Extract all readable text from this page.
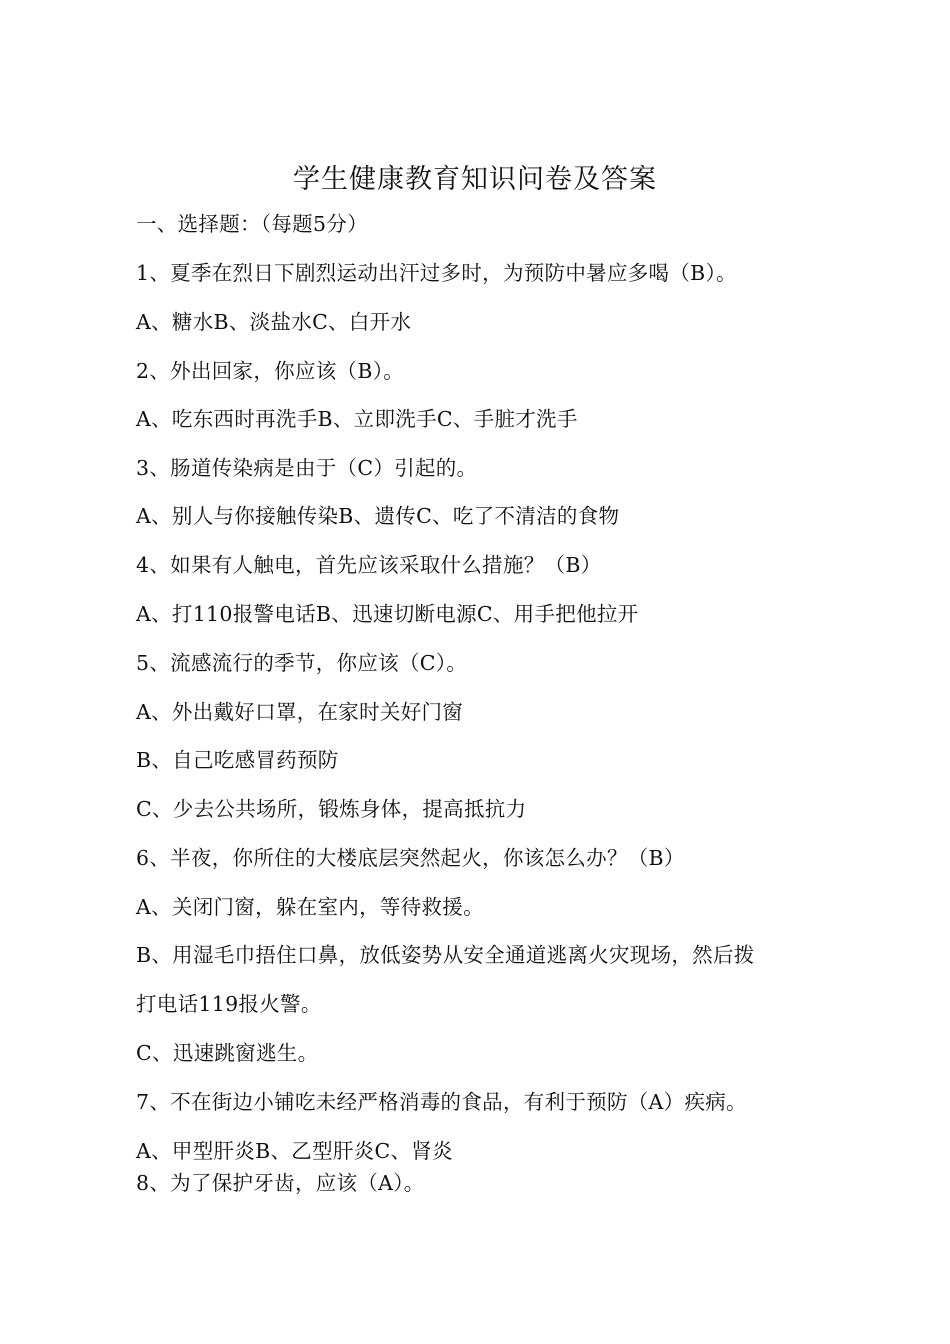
学生健康教育知识问卷及答案
一、选择题：（每题5分）
1、夏季在烈日下剧烈运动出汗过多时，为预防中暑应多喝（B）。
A、糖水B、淡盐水C、白开水
2、外出回家，你应该（B）。
A、吃东西时再洗手B、立即洗手C、手脏才洗手
3、肠道传染病是由于（C）引起的。
A、别人与你接触传染B、遗传C、吃了不清洁的食物
4、如果有人触电，首先应该采取什么措施？（B）
A、打110报警电话B、迅速切断电源C、用手把他拉开
5、流感流行的季节，你应该（C）。
A、外出戴好口罩，在家时关好门窗
B、自己吃感冒药预防
C、少去公共场所，锻炼身体，提高抵抗力
6、半夜，你所住的大楼底层突然起火，你该怎么办？（B）
A、关闭门窗，躲在室内，等待救援。
B、用湿毛巾捂住口鼻，放低姿势从安全通道逃离火灾现场，然后拨
打电话119报火警。
C、迅速跳窗逃生。
7、不在街边小铺吃未经严格消毒的食品，有利于预防（A）疾病。
A、甲型肝炎B、乙型肝炎C、肾炎
8、为了保护牙齿，应该（A）。
